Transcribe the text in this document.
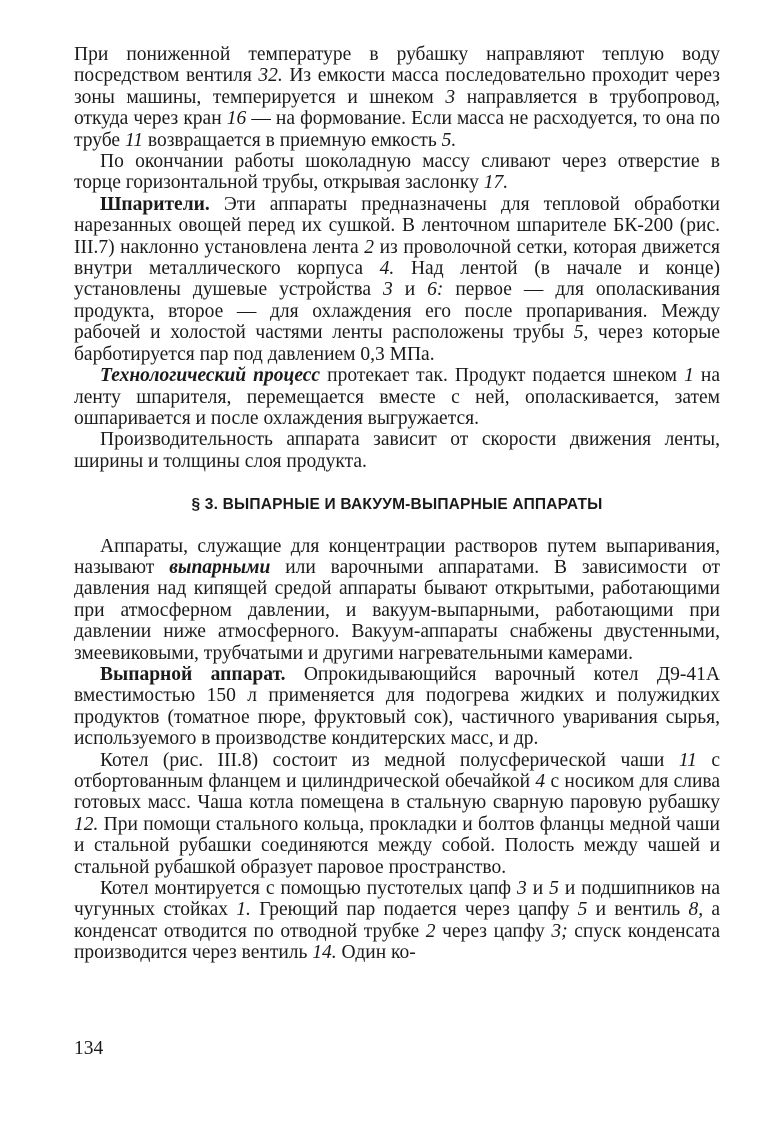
При пониженной температуре в рубашку направляют теплую воду посредством вентиля 32. Из емкости масса последовательно проходит через зоны машины, темперируется и шнеком 3 направляется в трубопровод, откуда через кран 16 — на формование. Если масса не расходуется, то она по трубе 11 возвращается в приемную емкость 5.

По окончании работы шоколадную массу сливают через отверстие в торце горизонтальной трубы, открывая заслонку 17.

Шпарители. Эти аппараты предназначены для тепловой обработки нарезанных овощей перед их сушкой. В ленточном шпарителе БК-200 (рис. III.7) наклонно установлена лента 2 из проволочной сетки, которая движется внутри металлического корпуса 4. Над лентой (в начале и конце) установлены душевые устройства 3 и 6: первое — для ополаскивания продукта, второе — для охлаждения его после пропаривания. Между рабочей и холостой частями ленты расположены трубы 5, через которые барботируется пар под давлением 0,3 МПа.

Технологический процесс протекает так. Продукт подается шнеком 1 на ленту шпарителя, перемещается вместе с ней, ополаскивается, затем ошпаривается и после охлаждения выгружается.

Производительность аппарата зависит от скорости движения ленты, ширины и толщины слоя продукта.

§ 3. ВЫПАРНЫЕ И ВАКУУМ-ВЫПАРНЫЕ АППАРАТЫ

Аппараты, служащие для концентрации растворов путем выпаривания, называют выпарными или варочными аппаратами. В зависимости от давления над кипящей средой аппараты бывают открытыми, работающими при атмосферном давлении, и вакуум-выпарными, работающими при давлении ниже атмосферного. Вакуум-аппараты снабжены двустенными, змеевиковыми, трубчатыми и другими нагревательными камерами.

Выпарной аппарат. Опрокидывающийся варочный котел Д9-41А вместимостью 150 л применяется для подогрева жидких и полужидких продуктов (томатное пюре, фруктовый сок), частичного уваривания сырья, используемого в производстве кондитерских масс, и др.

Котел (рис. III.8) состоит из медной полусферической чаши 11 с отбортованным фланцем и цилиндрической обечайкой 4 с носиком для слива готовых масс. Чаша котла помещена в стальную сварную паровую рубашку 12. При помощи стального кольца, прокладки и болтов фланцы медной чаши и стальной рубашки соединяются между собой. Полость между чашей и стальной рубашкой образует паровое пространство.

Котел монтируется с помощью пустотелых цапф 3 и 5 и подшипников на чугунных стойках 1. Греющий пар подается через цапфу 5 и вентиль 8, а конденсат отводится по отводной трубке 2 через цапфу 3; спуск конденсата производится через вентиль 14. Один ко-

134
